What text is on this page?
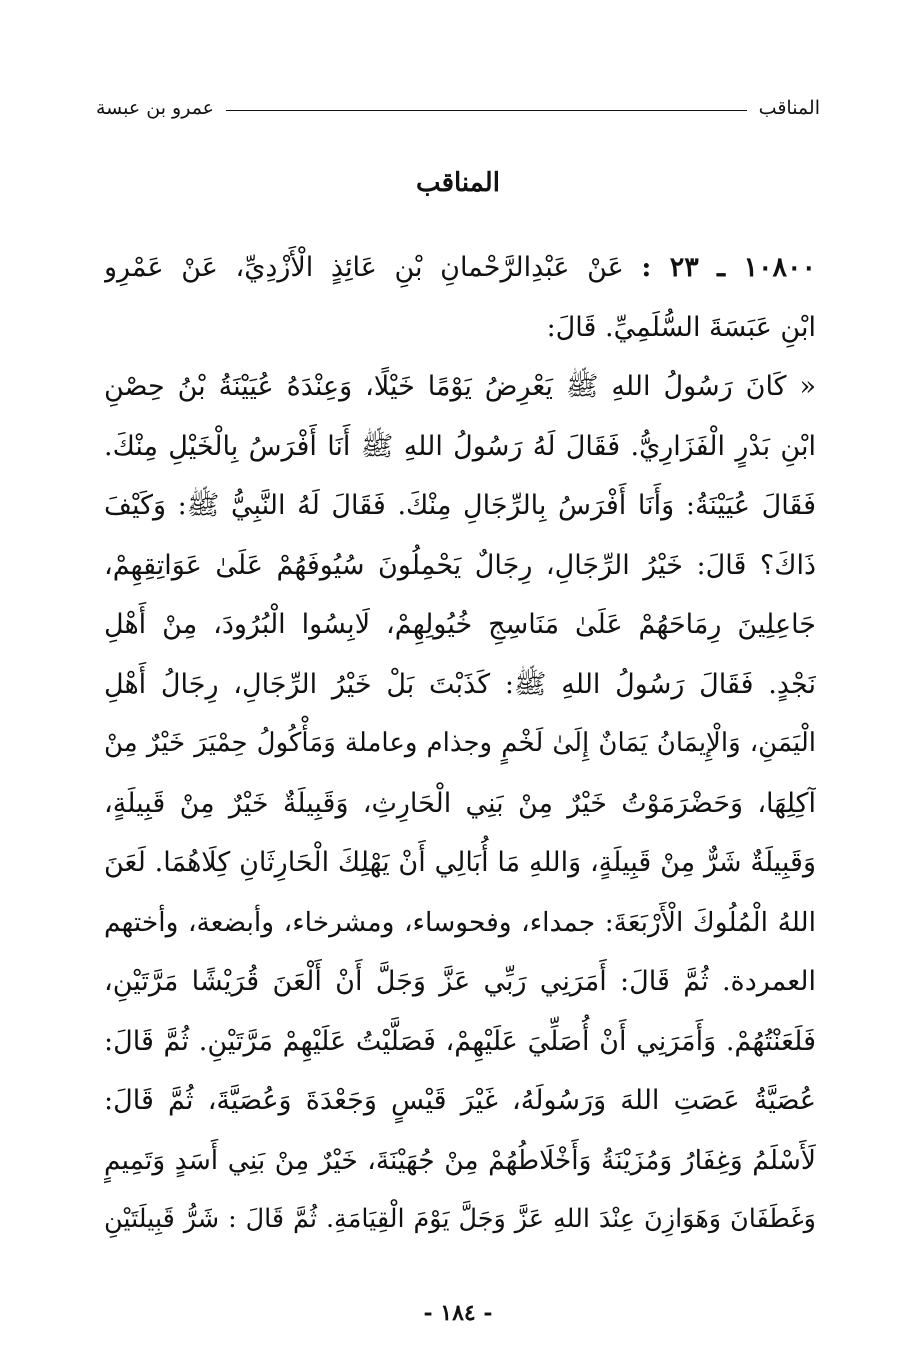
المناقب
عمرو بن عبسة
المناقب
١٠٨٠٠ ـ ٢٣ : عَنْ عَبْدِالرَّحْمانِ بْنِ عَائِذٍ الْأَزْدِيِّ، عَنْ عَمْرِو
ابْنِ عَبَسَةَ السُّلَمِيِّ. قَالَ:
« كَانَ رَسُولُ اللهِ ﷺ يَعْرِضُ يَوْمًا خَيْلًا، وَعِنْدَهُ عُيَيْنَةُ بْنُ حِصْنِ
ابْنِ بَدْرٍ الْفَزَارِيُّ. فَقَالَ لَهُ رَسُولُ اللهِ ﷺ أَنَا أَفْرَسُ بِالْخَيْلِ مِنْكَ.
فَقَالَ عُيَيْنَةُ: وَأَنَا أَفْرَسُ بِالرِّجَالِ مِنْكَ. فَقَالَ لَهُ النَّبِيُّ ﷺ: وَكَيْفَ
ذَاكَ؟ قَالَ: خَيْرُ الرِّجَالِ، رِجَالٌ يَحْمِلُونَ سُيُوفَهُمْ عَلَىٰ عَوَاتِقِهِمْ،
جَاعِلِينَ رِمَاحَهُمْ عَلَىٰ مَنَاسِجِ خُيُولِهِمْ، لَابِسُوا الْبُرُودَ، مِنْ أَهْلِ
نَجْدٍ. فَقَالَ رَسُولُ اللهِ ﷺ: كَذَبْتَ بَلْ خَيْرُ الرِّجَالِ، رِجَالُ أَهْلِ
الْيَمَنِ، وَالْإِيمَانُ يَمَانٌ إِلَىٰ لَخْمٍ وجذام وعاملة وَمَأْكُولُ حِمْيَرَ خَيْرٌ مِنْ
آكِلِهَا، وَحَضْرَمَوْتُ خَيْرٌ مِنْ بَنِي الْحَارِثِ، وَقَبِيلَةٌ خَيْرٌ مِنْ قَبِيلَةٍ،
وَقَبِيلَةٌ شَرٌّ مِنْ قَبِيلَةٍ، وَاللهِ مَا أُبَالِي أَنْ يَهْلِكَ الْحَارِثَانِ كِلَاهُمَا. لَعَنَ
اللهُ الْمُلُوكَ الْأَرْبَعَةَ: جمداء، وفحوساء، ومشرخاء، وأبضعة، وأختهم
العمردة. ثُمَّ قَالَ: أَمَرَنِي رَبِّي عَزَّ وَجَلَّ أَنْ أَلْعَنَ قُرَيْشًا مَرَّتَيْنِ،
فَلَعَنْتُهُمْ. وَأَمَرَنِي أَنْ أُصَلِّيَ عَلَيْهِمْ، فَصَلَّيْتُ عَلَيْهِمْ مَرَّتَيْنِ. ثُمَّ قَالَ:
عُصَيَّةُ عَصَتِ اللهَ وَرَسُولَهُ، غَيْرَ قَيْسٍ وَجَعْدَةَ وَعُصَيَّةَ، ثُمَّ قَالَ:
لَأَسْلَمُ وَغِفَارُ وَمُزَيْنَةُ وَأَخْلَاطُهُمْ مِنْ جُهَيْنَةَ، خَيْرٌ مِنْ بَنِي أَسَدٍ وَتَمِيمٍ
وَغَطَفَانَ وَهَوَازِنَ عِنْدَ اللهِ عَزَّ وَجَلَّ يَوْمَ الْقِيَامَةِ. ثُمَّ قَالَ : شَرُّ قَبِيلَتَيْنِ
- ١٨٤ -
